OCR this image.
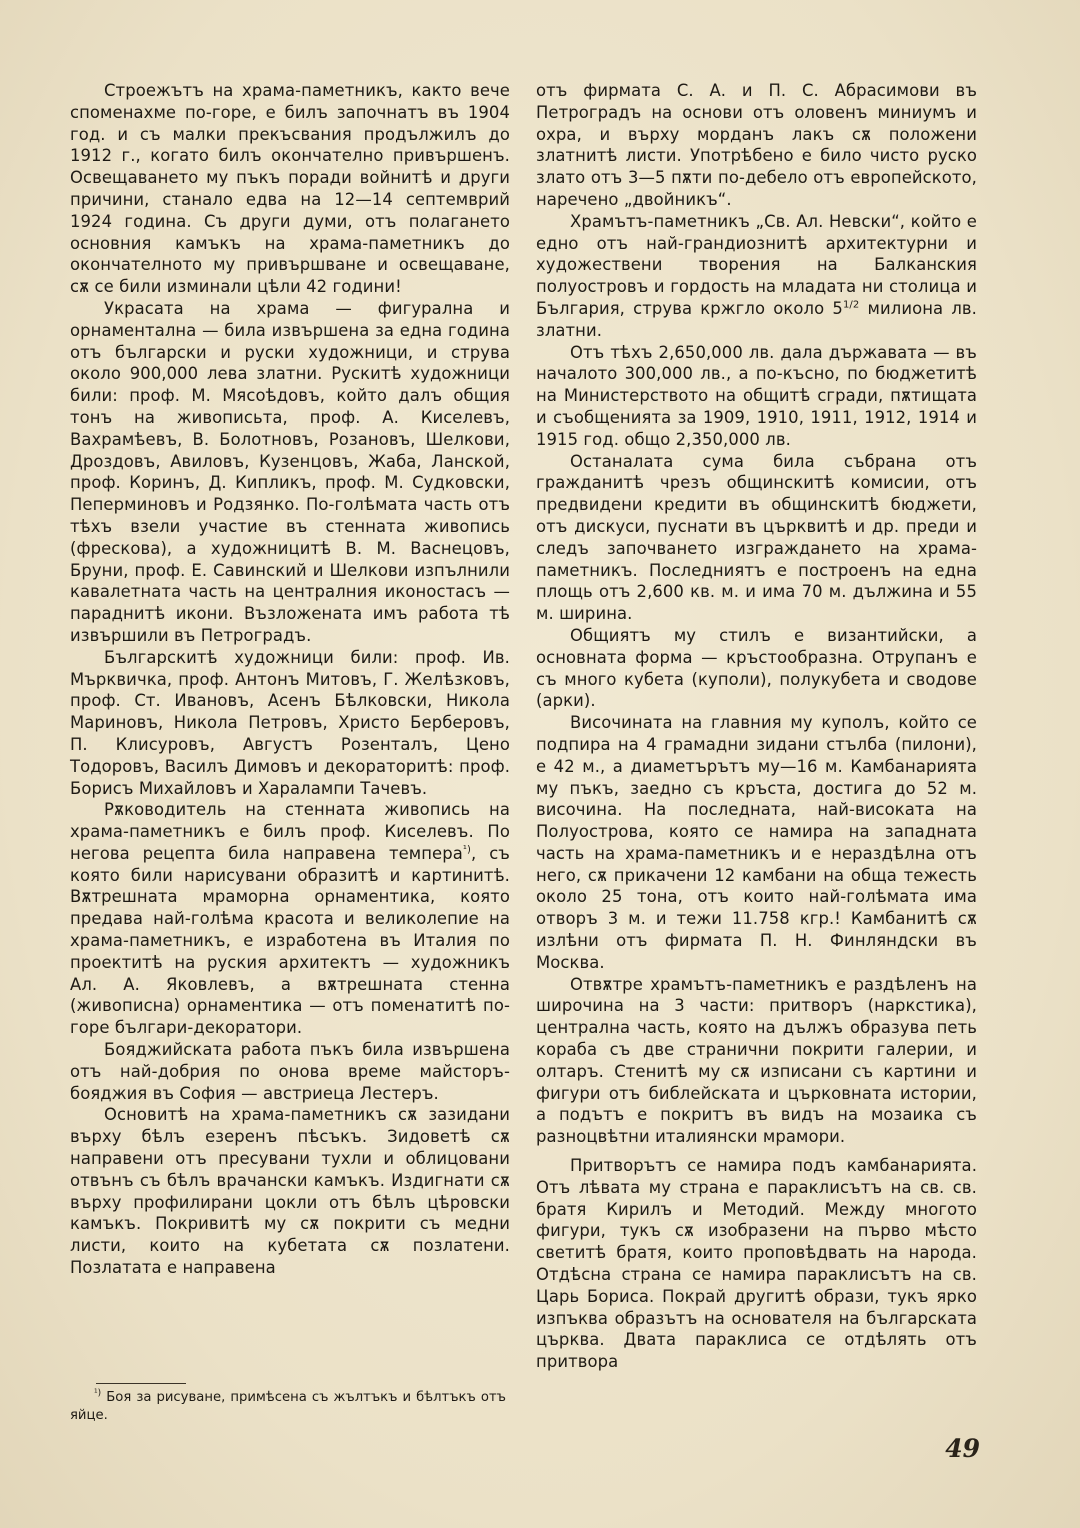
Строежътъ на храма-паметникъ, както вече споменахме по-горе, е билъ започнатъ въ 1904 год. и съ малки прекъсвания продължилъ до 1912 г., когато билъ окончателно привършенъ. Освещаването му пъкъ поради войнитѣ и други причини, станало едва на 12—14 септемврий 1924 година. Съ други думи, отъ полагането основния камъкъ на храма-паметникъ до окончателното му привършване и освещаване, сѫ се били изминали цѣли 42 години!

Украсата на храма — фигурална и орнаментална — била извършена за една година отъ български и руски художници, и струва около 900,000 лева златни. Рускитѣ художници били: проф. М. Мясоѣдовъ, който далъ общия тонъ на живописьта, проф. А. Киселевъ, Вахрамѣевъ, В. Болотновъ, Розановъ, Шелкови, Дроздовъ, Авиловъ, Кузенцовъ, Жаба, Ланской, проф. Коринъ, Д. Кипликъ, проф. М. Судковски, Пеперминовъ и Родзянко. По-голѣмата часть отъ тѣхъ взели участие въ стенната живопись (фрескова), а художницитѣ В. М. Васнецовъ, Бруни, проф. Е. Савинский и Шелкови изпълнили кавалетната часть на централния иконостасъ — парaднитѣ икони. Възложената имъ работа тѣ извършили въ Петроградъ.

Българскитѣ художници били: проф. Ив. Мърквичка, проф. Антонъ Митовъ, Г. Желѣзковъ, проф. Ст. Ивановъ, Асенъ Бѣлковски, Никола Мариновъ, Никола Петровъ, Христо Берберовъ, П. Клисуровъ, Августъ Розенталъ, Цено Тодоровъ, Василъ Димовъ и декораторитѣ: проф. Борисъ Михайловъ и Харалампи Тачевъ.

Рѫководитель на стенната живопись на храма-паметникъ е билъ проф. Киселевъ. По негова рецепта била направена темпера$^{^1)}$, съ която били нарисувани образитѣ и картинитѣ. Вѫтрешната мраморна орнаментика, която предава най-голѣма красота и великолепие на храма-паметникъ, е изработена въ Италия по проектитѣ на руския архитектъ — художникъ Ал. А. Яковлевъ, а вѫтрешната стенна (живописна) орнаментика — отъ поменатитѣ по-горе българи-декоратори.

Бояджийската работа пъкъ била извършена отъ най-добрия по онова време майсторъ-бояджия въ София — австриеца Лестеръ.

Основитѣ на храма-паметникъ сѫ зазидани върху бѣлъ езеренъ пѣсъкъ. Зидоветѣ сѫ направени отъ пресувани тухли и облицовани отвънъ съ бѣлъ врачански камъкъ. Издигнати сѫ върху профилирани цокли отъ бѣлъ цѣровски камъкъ. Покривитѣ му сѫ покрити съ медни листи, които на кубетата сѫ позлатени. Позлатата е направена

отъ фирмата С. А. и П. С. Абрасимови въ Петроградъ на основи отъ оловенъ миниумъ и охра, и върху морданъ лакъ сѫ положени златнитѣ листи. Употрѣбено е било чисто руско злато отъ 3—5 пѫти по-дебело отъ европейското, наречено „двойникъ“.

Храмътъ-паметникъ „Св. Ал. Невски“, който е едно отъ най-грандиознитѣ архитектурни и художествени творения на Балканския полуостровъ и гордость на младата ни столица и България, струва кржгло около $5^{1/2}$ милиона лв. златни.

Отъ тѣхъ 2,650,000 лв. дала държавата — въ началото 300,000 лв., а по-късно, по бюджетитѣ на Министерството на общитѣ сгради, пѫтищата и съобщенията за 1909, 1910, 1911, 1912, 1914 и 1915 год. общо 2,350,000 лв.

Останалата сума била събрана отъ гражданитѣ чрезъ общинскитѣ комисии, отъ предвидени кредити въ общинскитѣ бюджети, отъ дискуси, пуснати въ църквитѣ и др. преди и следъ започването изграждането на храма-паметникъ. Последниятъ е построенъ на една площь отъ 2,600 кв. м. и има 70 м. дължина и 55 м. ширина.

Общиятъ му стилъ е византийски, а основната форма — кръстообразна. Отрупанъ е съ много кубета (куполи), полукубета и сводове (арки).

Височината на главния му куполъ, който се подпира на 4 грамадни зидани стълба (пилони), е 42 м., а диаметърътъ му—16 м. Камбанарията му пъкъ, заедно съ кръста, достига до 52 м. височина. На последната, най-високата на Полуострова, която се намира на западната часть на храма-паметникъ и е нераздѣлна отъ него, сѫ прикачени 12 камбани на обща тежесть около 25 тона, отъ които най-голѣмата има отворъ 3 м. и тежи 11.758 кгр.! Камбанитѣ сѫ излѣни отъ фирмата П. Н. Финляндски въ Москва.

Отвѫтре храмътъ-паметникъ е раздѣленъ на широчина на 3 части: притворъ (наркстика), централна часть, която на дължъ образува петь кораба съ две странични покрити галерии, и олтаръ. Стенитѣ му сѫ изписани съ картини и фигури отъ библейската и църковната истории, а подътъ е покритъ въ видъ на мозаика съ разноцвѣтни италиянски мрамори.

Притворътъ се намира подъ камбанарията. Отъ лѣвата му страна е параклисътъ на св. св. братя Кирилъ и Методий. Между многото фигури, тукъ сѫ изобразени на първо мѣсто светитѣ братя, които проповѣдвать на народа. Отдѣсна страна се намира параклисътъ на св. Царь Бориса. Покрай другитѣ образи, тукъ ярко изпъква образътъ на основателя на българската църква. Двата параклиса се отдѣлять отъ притвора

$^{^1)}$ Боя за рисуване, примѣсена съ жълтъкъ и бѣлтъкъ отъ яйце.
49
